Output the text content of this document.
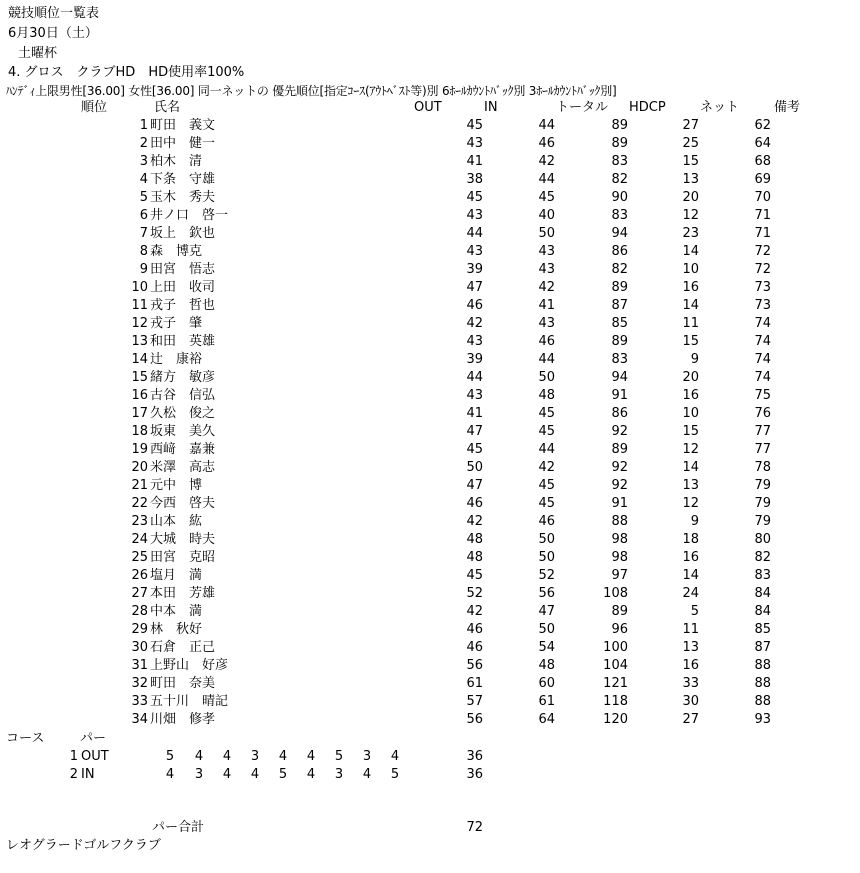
競技順位一覧表
6月30日（土）
土曜杯
4. グロス　クラブHD　HD使用率100%
ﾊﾝﾃﾞｨ上限男性[36.00] 女性[36.00] 同一ネットの 優先順位[指定ｺｰｽ(ｱｳﾄﾍﾞｽﾄ等)別 6ﾎｰﾙｶｳﾝﾄﾊﾞｯｸ別 3ﾎｰﾙｶｳﾝﾄﾊﾞｯｸ別]
順位	氏名	OUT	IN	トータル HDCP	ネット	備考
1 町田　義文	45	44	89	27	62
2 田中　健一	43	46	89	25	64
3 柏木　清	41	42	83	15	68
4 下条　守雄	38	44	82	13	69
5 玉木　秀夫	45	45	90	20	70
6 井ノ口　啓一	43	40	83	12	71
7 坂上　欽也	44	50	94	23	71
8 森　博克	43	43	86	14	72
9 田宮　悟志	39	43	82	10	72
10 上田　收司	47	42	89	16	73
11 戎子　哲也	46	41	87	14	73
12 戎子　肇	42	43	85	11	74
13 和田　英雄	43	46	89	15	74
14 辻　康裕	39	44	83	9	74
15 緒方　敏彦	44	50	94	20	74
16 古谷　信弘	43	48	91	16	75
17 久松　俊之	41	45	86	10	76
18 坂東　美久	47	45	92	15	77
19 西﨑　嘉兼	45	44	89	12	77
20 米澤　高志	50	42	92	14	78
21 元中　博	47	45	92	13	79
22 今西　啓夫	46	45	91	12	79
23 山本　紘	42	46	88	9	79
24 大城　時夫	48	50	98	18	80
25 田宮　克昭	48	50	98	16	82
26 塩月　満	45	52	97	14	83
27 本田　芳雄	52	56	108	24	84
28 中本　満	42	47	89	5	84
29 林　秋好	46	50	96	11	85
30 石倉　正己	46	54	100	13	87
31 上野山　好彦	56	48	104	16	88
32 町田　奈美	61	60	121	33	88
33 五十川　晴記	57	61	118	30	88
34 川畑　修孝	56	64	120	27	93
コース	パー
1 OUT	5	4	4	3	4	4	5	3	4	36
2 IN	4	3	4	4	5	4	3	4	5	36
パー合計	72
レオグラードゴルフクラブ
